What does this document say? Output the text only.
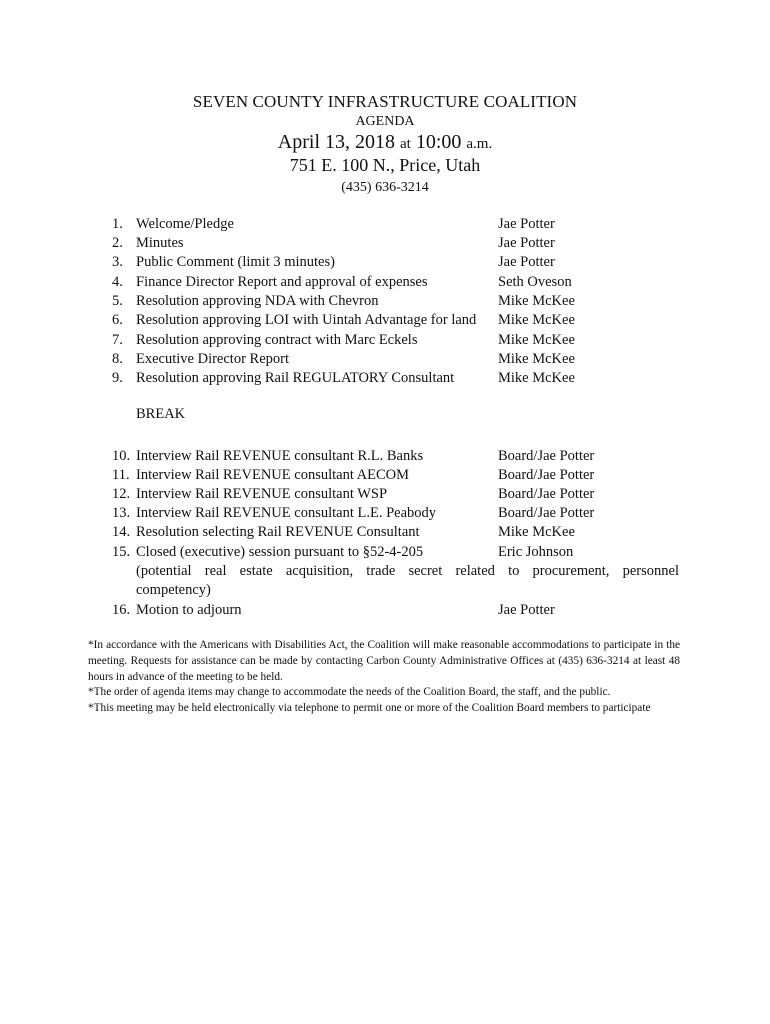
SEVEN COUNTY INFRASTRUCTURE COALITION
AGENDA
April 13, 2018 at 10:00 a.m.
751 E. 100 N., Price, Utah
(435) 636-3214
1. Welcome/Pledge	Jae Potter
2. Minutes	Jae Potter
3. Public Comment (limit 3 minutes)	Jae Potter
4. Finance Director Report and approval of expenses	Seth Oveson
5. Resolution approving NDA with Chevron	Mike McKee
6. Resolution approving LOI with Uintah Advantage for land Mike McKee
7. Resolution approving contract with Marc Eckels	Mike McKee
8. Executive Director Report	Mike McKee
9. Resolution approving Rail REGULATORY Consultant	Mike McKee
BREAK
10. Interview Rail REVENUE consultant R.L. Banks	Board/Jae Potter
11. Interview Rail REVENUE consultant AECOM	Board/Jae Potter
12. Interview Rail REVENUE consultant WSP	Board/Jae Potter
13. Interview Rail REVENUE consultant L.E. Peabody	Board/Jae Potter
14. Resolution selecting Rail REVENUE Consultant	Mike McKee
15. Closed (executive) session pursuant to §52-4-205	Eric Johnson
(potential real estate acquisition, trade secret related to procurement, personnel
competency)
16. Motion to adjourn	Jae Potter

*In accordance with the Americans with Disabilities Act, the Coalition will make reasonable accommodations to participate in the meeting. Requests for assistance can be made by contacting Carbon County Administrative Offices at (435) 636-3214 at least 48 hours in advance of the meeting to be held.

*The order of agenda items may change to accommodate the needs of the Coalition Board, the staff, and the public.

*This meeting may be held electronically via telephone to permit one or more of the Coalition Board members to participate
